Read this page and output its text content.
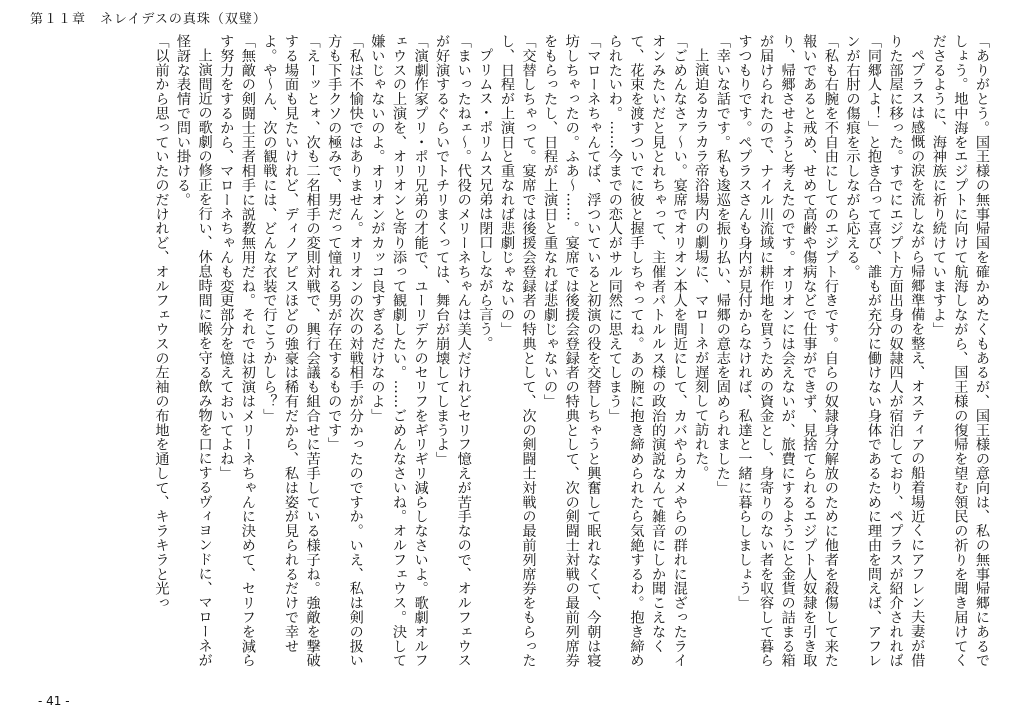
第１１章　ネレイデスの真珠（双璧）

「ありがとう。国王様の無事帰国を確かめたくもあるが、国王様の意向は、私の無事帰郷にあるでしょう。地中海をエジプトに向けて航海しながら、国王様の復帰を望む領民の祈りを聞き届けてくださるように、海神族に祈り続けていますよ」

ペプラスは感慨の涙を流しながら帰郷準備を整え、オスティアの船着場近くにアフレン夫妻が借りた部屋に移った。すでにエジプト方面出身の奴隷四人が宿泊しており、ペプラスが紹介されれば「同郷人よ！」と抱き合って喜び、誰もが充分に働けない身体であるために理由を問えば、アフレンが右肘の傷痕を示しながら応える。

「私も右腕を不自由にしてのエジプト行きです。自らの奴隷身分解放のために他者を殺傷して来た報いであると戒め、せめて高齢や傷病などで仕事ができず、見捨てられるエジプト人奴隷を引き取り、帰郷させようと考えたのです。オリオンには会えないが、旅費にするようにと金貨の詰まる箱が届けられたので、ナイル川流域に耕作地を買うための資金とし、身寄りのない者を収容して暮らすつもりです。ペプラスさんも身内が見付からなければ、私達と一緒に暮らしましょう」

「幸いな話です。私も逡巡を振り払い、帰郷の意志を固められました」

上演迫るカラカラ帝浴場内の劇場に、マローネが遅刻して訪れた。

「ごめんなさァ～い。宴席でオリオン本人を間近にして、カバやらカメやらの群れに混ざったライオンみたいだと見とれちゃって、主催者パトルルス様の政治的演説なんて雑音にしか聞こえなくて、花束を渡すついでに彼と握手しちゃってね。あの腕に抱き締められたら気絶するわ。抱き締められたいわ。……今までの恋人がサル同然に思えてしまう」

「マローネちゃんてば、浮ついていると初演の役を交替しちゃうと興奮して眠れなくて、今朝は寝坊しちゃったの。ふあ～……。宴席では後援会登録者の特典として、次の剣闘士対戦の最前列席券をもらったし、日程が上演日と重なれば悲劇じゃないの」

「交替しちゃって。宴席では後援会登録者の特典として、次の剣闘士対戦の最前列席券をもらったし、日程が上演日と重なれば悲劇じゃないの」

プリムス・ポリムス兄弟は閉口しながら言う。

「まいったねェ～。代役のメリーネちゃんは美人だけれどセリフ憶えが苦手なので、オルフェウスが好演するぐらいでトチリまくっては、舞台が崩壊してしまうよ」

「演劇作家プリ・ポリ兄弟の才能で、ユーリデケのセリフをギリギリ減らしなさいよ。歌劇オルフェウスの上演を、オリオンと寄り添って観劇したい。……ごめんなさいね。オルフェウス。決して嫌いじゃないのよ。オリオンがカッコ良すぎるだけなのよ」

「私は不愉快ではありません。オリオンの次の対戦相手が分かったのですか。いえ、私は剣の扱い方も下手クソの極みで、男だって憧れる男が存在するものです」

「えーッとォ、次も二名相手の変則対戦で、興行会議も組合せに苦手している様子ね。強敵を撃破する場面も見たいけれど、ディノアピスほどの強豪は稀有だから、私は姿が見られるだけで幸せよ。や～ん、次の観戦には、どんな衣装で行こうかしら？」

「無敵の剣闘士王者相手に説教無用だね。それでは初演はメリーネちゃんに決めて、セリフを減らす努力をするから、マローネちゃんも変更部分を憶えておいてよね」

上演間近の歌劇の修正を行い、休息時間に喉を守る飲み物を口にするヴィヨンドに、マローネが怪訝な表情で問い掛ける。

「以前から思っていたのだけれど、オルフェウスの左袖の布地を通して、キラキラと光っ

- 41 -
